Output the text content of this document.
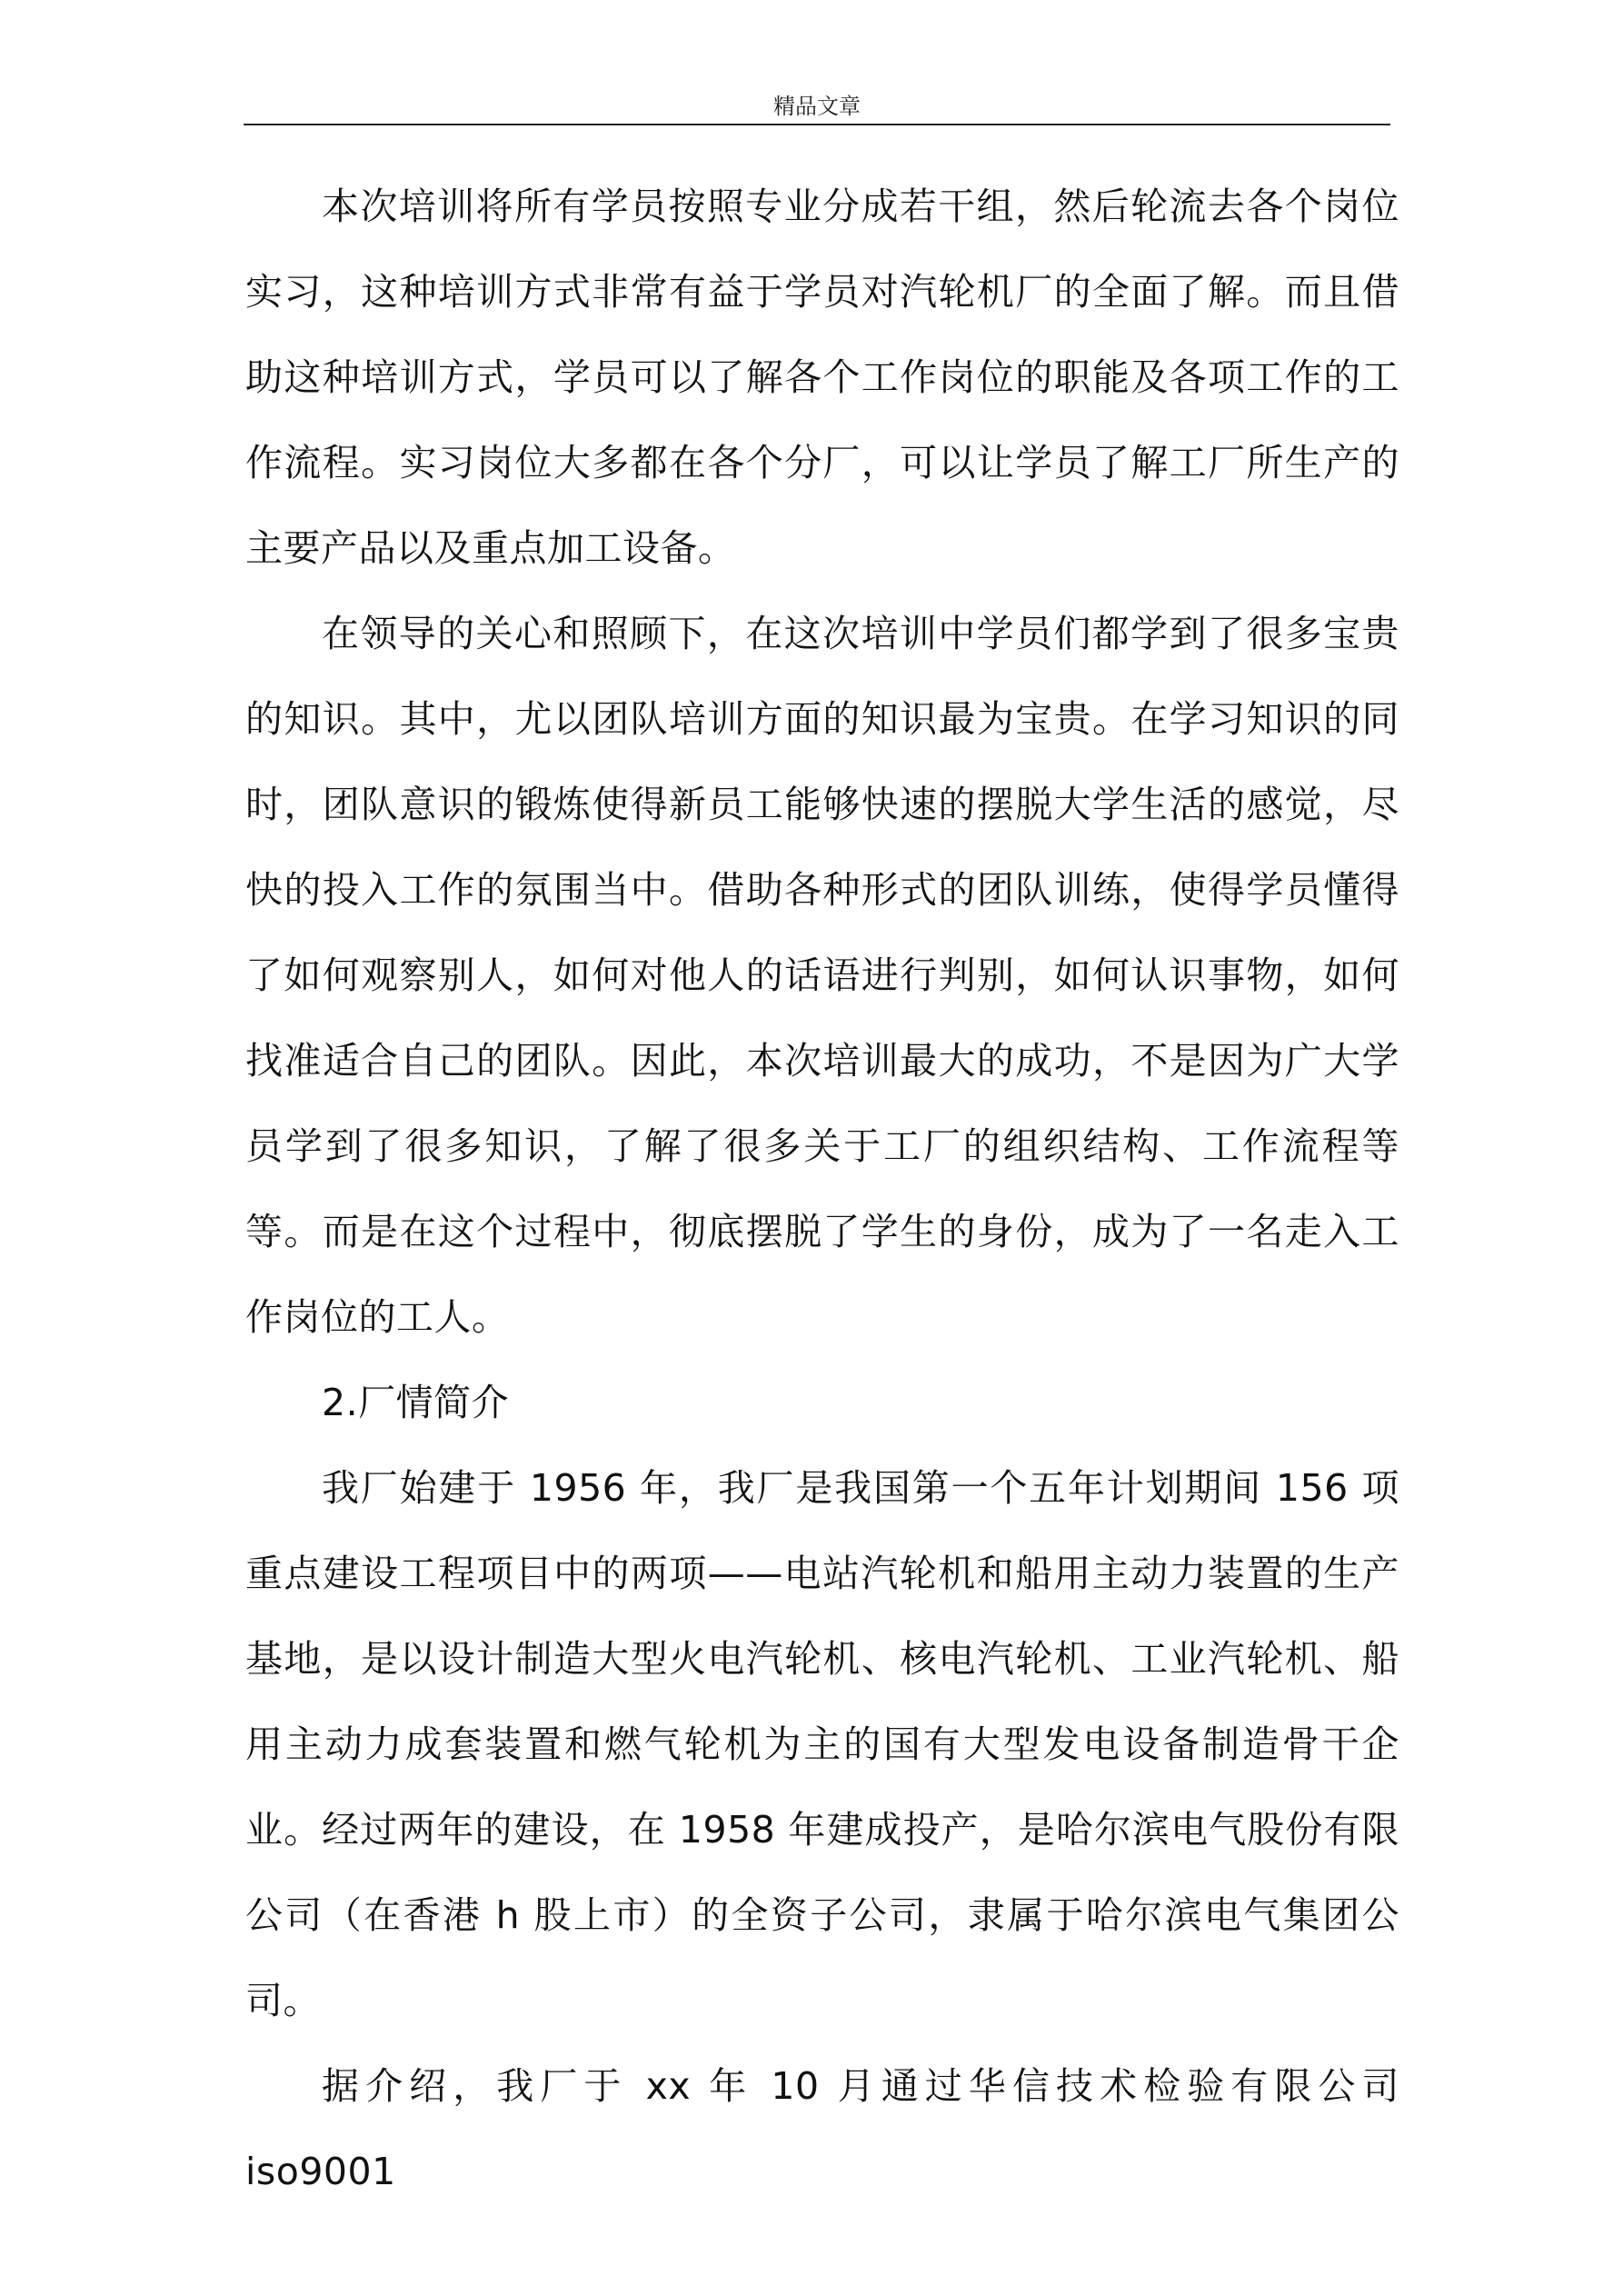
精品文章

本次培训将所有学员按照专业分成若干组，然后轮流去各个岗位实习，这种培训方式非常有益于学员对汽轮机厂的全面了解。而且借助这种培训方式，学员可以了解各个工作岗位的职能及各项工作的工作流程。实习岗位大多都在各个分厂，可以让学员了解工厂所生产的主要产品以及重点加工设备。

在领导的关心和照顾下，在这次培训中学员们都学到了很多宝贵的知识。其中，尤以团队培训方面的知识最为宝贵。在学习知识的同时，团队意识的锻炼使得新员工能够快速的摆脱大学生活的感觉，尽快的投入工作的氛围当中。借助各种形式的团队训练，使得学员懂得了如何观察别人，如何对他人的话语进行判别，如何认识事物，如何找准适合自己的团队。因此，本次培训最大的成功，不是因为广大学员学到了很多知识，了解了很多关于工厂的组织结构、工作流程等等。而是在这个过程中，彻底摆脱了学生的身份，成为了一名走入工作岗位的工人。

2.厂情简介

我厂始建于 1956 年，我厂是我国第一个五年计划期间 156 项重点建设工程项目中的两项——电站汽轮机和船用主动力装置的生产基地，是以设计制造大型火电汽轮机、核电汽轮机、工业汽轮机、船用主动力成套装置和燃气轮机为主的国有大型发电设备制造骨干企业。经过两年的建设，在 1958 年建成投产，是哈尔滨电气股份有限公司（在香港 h 股上市）的全资子公司，隶属于哈尔滨电气集团公司。

据介绍，我厂于 xx 年 10 月通过华信技术检验有限公司 iso9001
